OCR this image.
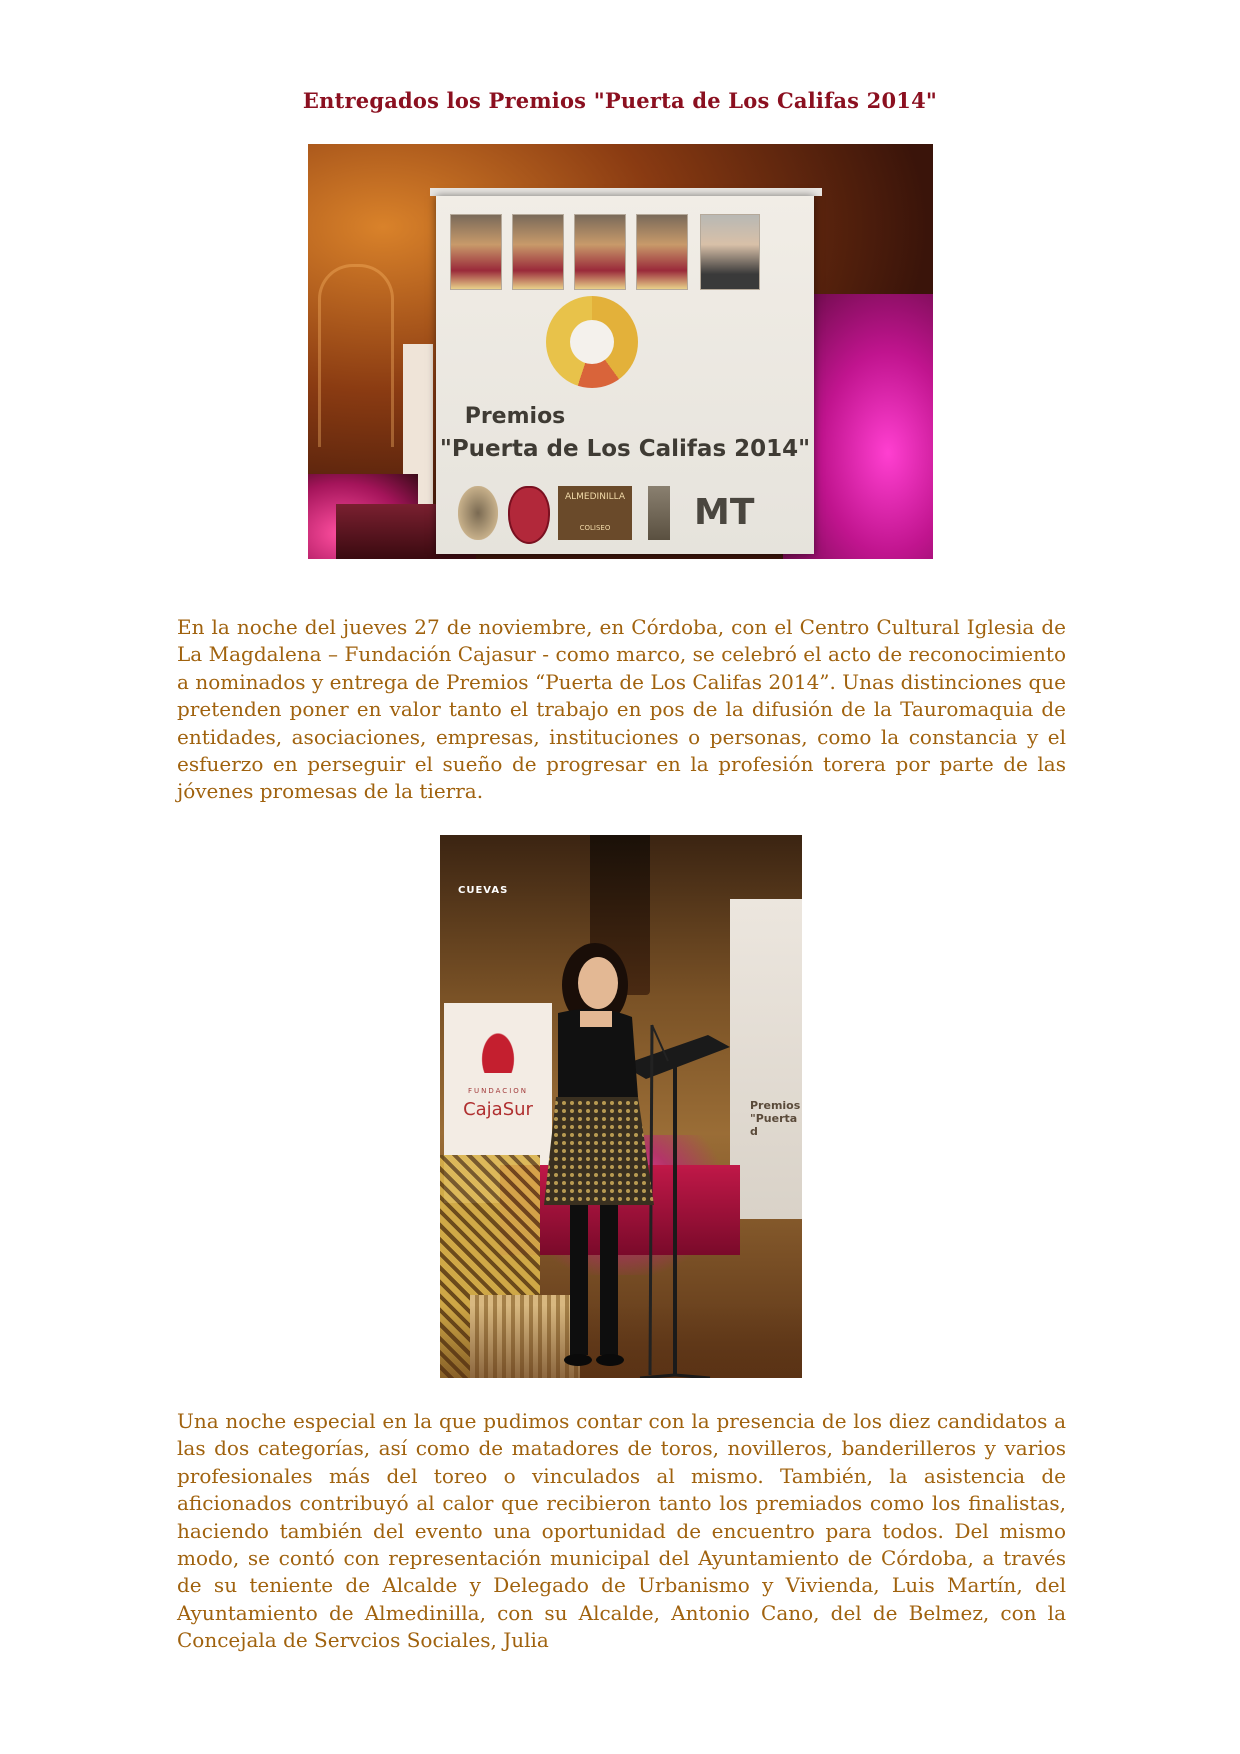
Entregados los Premios "Puerta de Los Califas 2014"
Premios
"Puerta de Los Califas 2014"
ALMEDINILLA
COLISEO	MT

En la noche del jueves 27 de noviembre, en Córdoba, con el Centro Cultural Iglesia de La Magdalena – Fundación Cajasur - como marco, se celebró el acto de reconocimiento a nominados y entrega de Premios “Puerta de Los Califas 2014”. Unas distinciones que pretenden poner en valor tanto el trabajo en pos de la difusión de la Tauromaquia de entidades, asociaciones, empresas, instituciones o personas, como la constancia y el esfuerzo en perseguir el sueño de progresar en la profesión torera por parte de las jóvenes promesas de la tierra.

CUEVAS
FUNDACION
CajaSur	Premios "Puerta d

Una noche especial en la que pudimos contar con la presencia de los diez candidatos a las dos categorías, así como de matadores de toros, novilleros, banderilleros y varios profesionales más del toreo o vinculados al mismo. También, la asistencia de aficionados contribuyó al calor que recibieron tanto los premiados como los finalistas, haciendo también del evento una oportunidad de encuentro para todos. Del mismo modo, se contó con representación municipal del Ayuntamiento de Córdoba, a través de su teniente de Alcalde y Delegado de Urbanismo y Vivienda, Luis Martín, del Ayuntamiento de Almedinilla, con su Alcalde, Antonio Cano, del de Belmez, con la Concejala de Servcios Sociales, Julia
